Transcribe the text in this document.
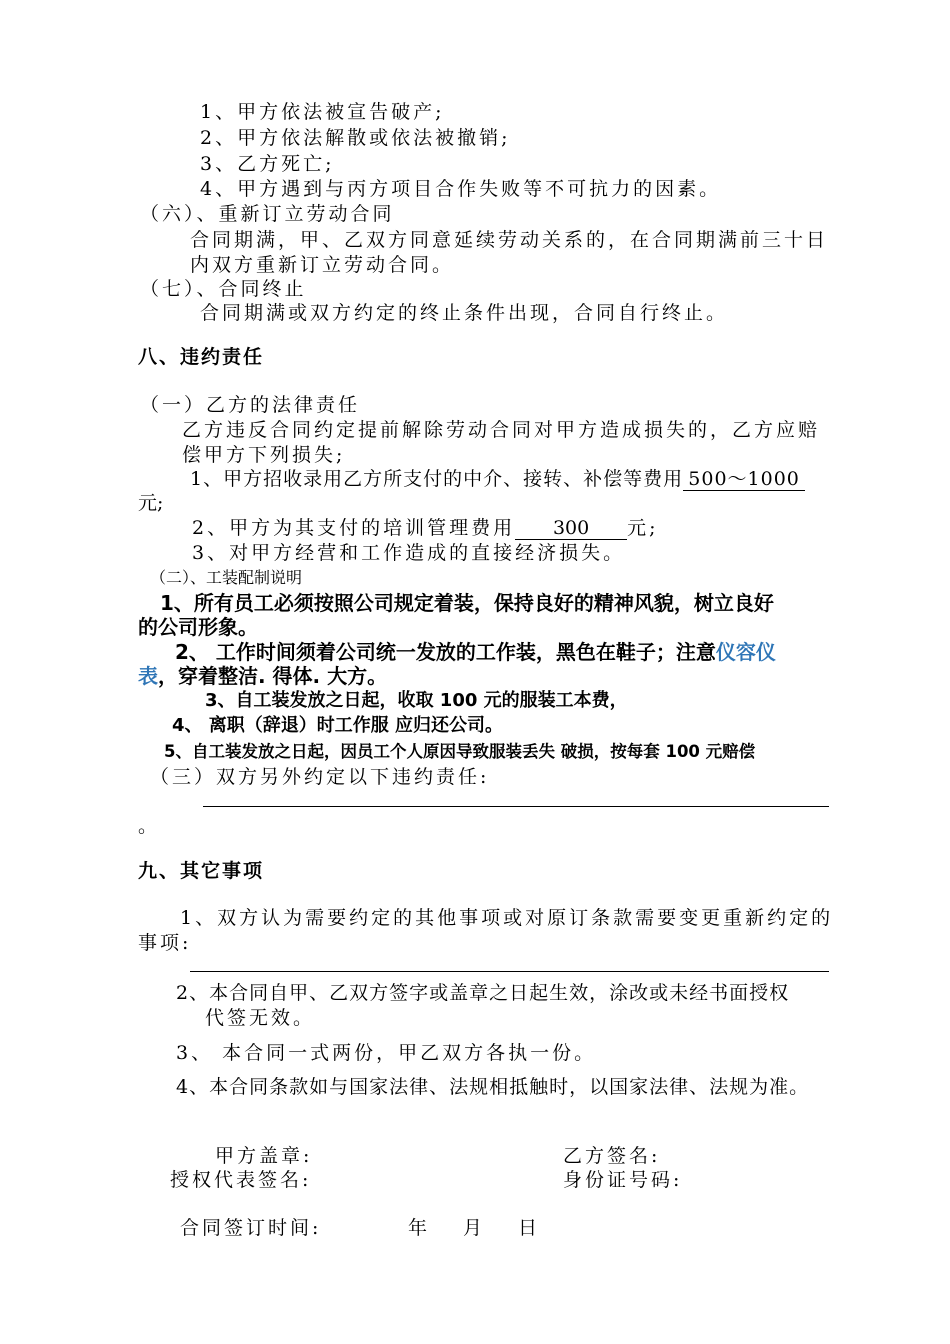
1、甲方依法被宣告破产;
2、甲方依法解散或依法被撤销;
3、乙方死亡;
4、甲方遇到与丙方项目合作失败等不可抗力的因素。
（六）、重新订立劳动合同
合同期满，甲、乙双方同意延续劳动关系的，在合同期满前三十日
内双方重新订立劳动合同。
（七）、合同终止
合同期满或双方约定的终止条件出现，合同自行终止。
八、违约责任
（一）乙方的法律责任
乙方违反合同约定提前解除劳动合同对甲方造成损失的，乙方应赔
偿甲方下列损失;
1、甲方招收录用乙方所支付的中介、接转、补偿等费用 500～1000
元;
2、甲方为其支付的培训管理费用 300 元;
3、对甲方经营和工作造成的直接经济损失。
（二）、工装配制说明
1、所有员工必须按照公司规定着装，保持良好的精神风貌，树立良好
的公司形象。
2、 工作时间须着公司统一发放的工作装，黑色在鞋子；注意仪容仪
表，穿着整洁. 得体. 大方。
3、自工装发放之日起，收取 100 元的服装工本费，
4、 离职（辞退）时工作服 应归还公司。
5、自工装发放之日起，因员工个人原因导致服装丢失 破损，按每套 100 元赔偿
（三）双方另外约定以下违约责任:
。
九、其它事项
1、双方认为需要约定的其他事项或对原订条款需要变更重新约定的
事项:
2、本合同自甲、乙双方签字或盖章之日起生效，涂改或未经书面授权
代签无效。
3、 本合同一式两份，甲乙双方各执一份。
4、本合同条款如与国家法律、法规相抵触时，以国家法律、法规为准。
甲方盖章:
授权代表签名:
乙方签名:
身份证号码:
合同签订时间:	年 月 日
